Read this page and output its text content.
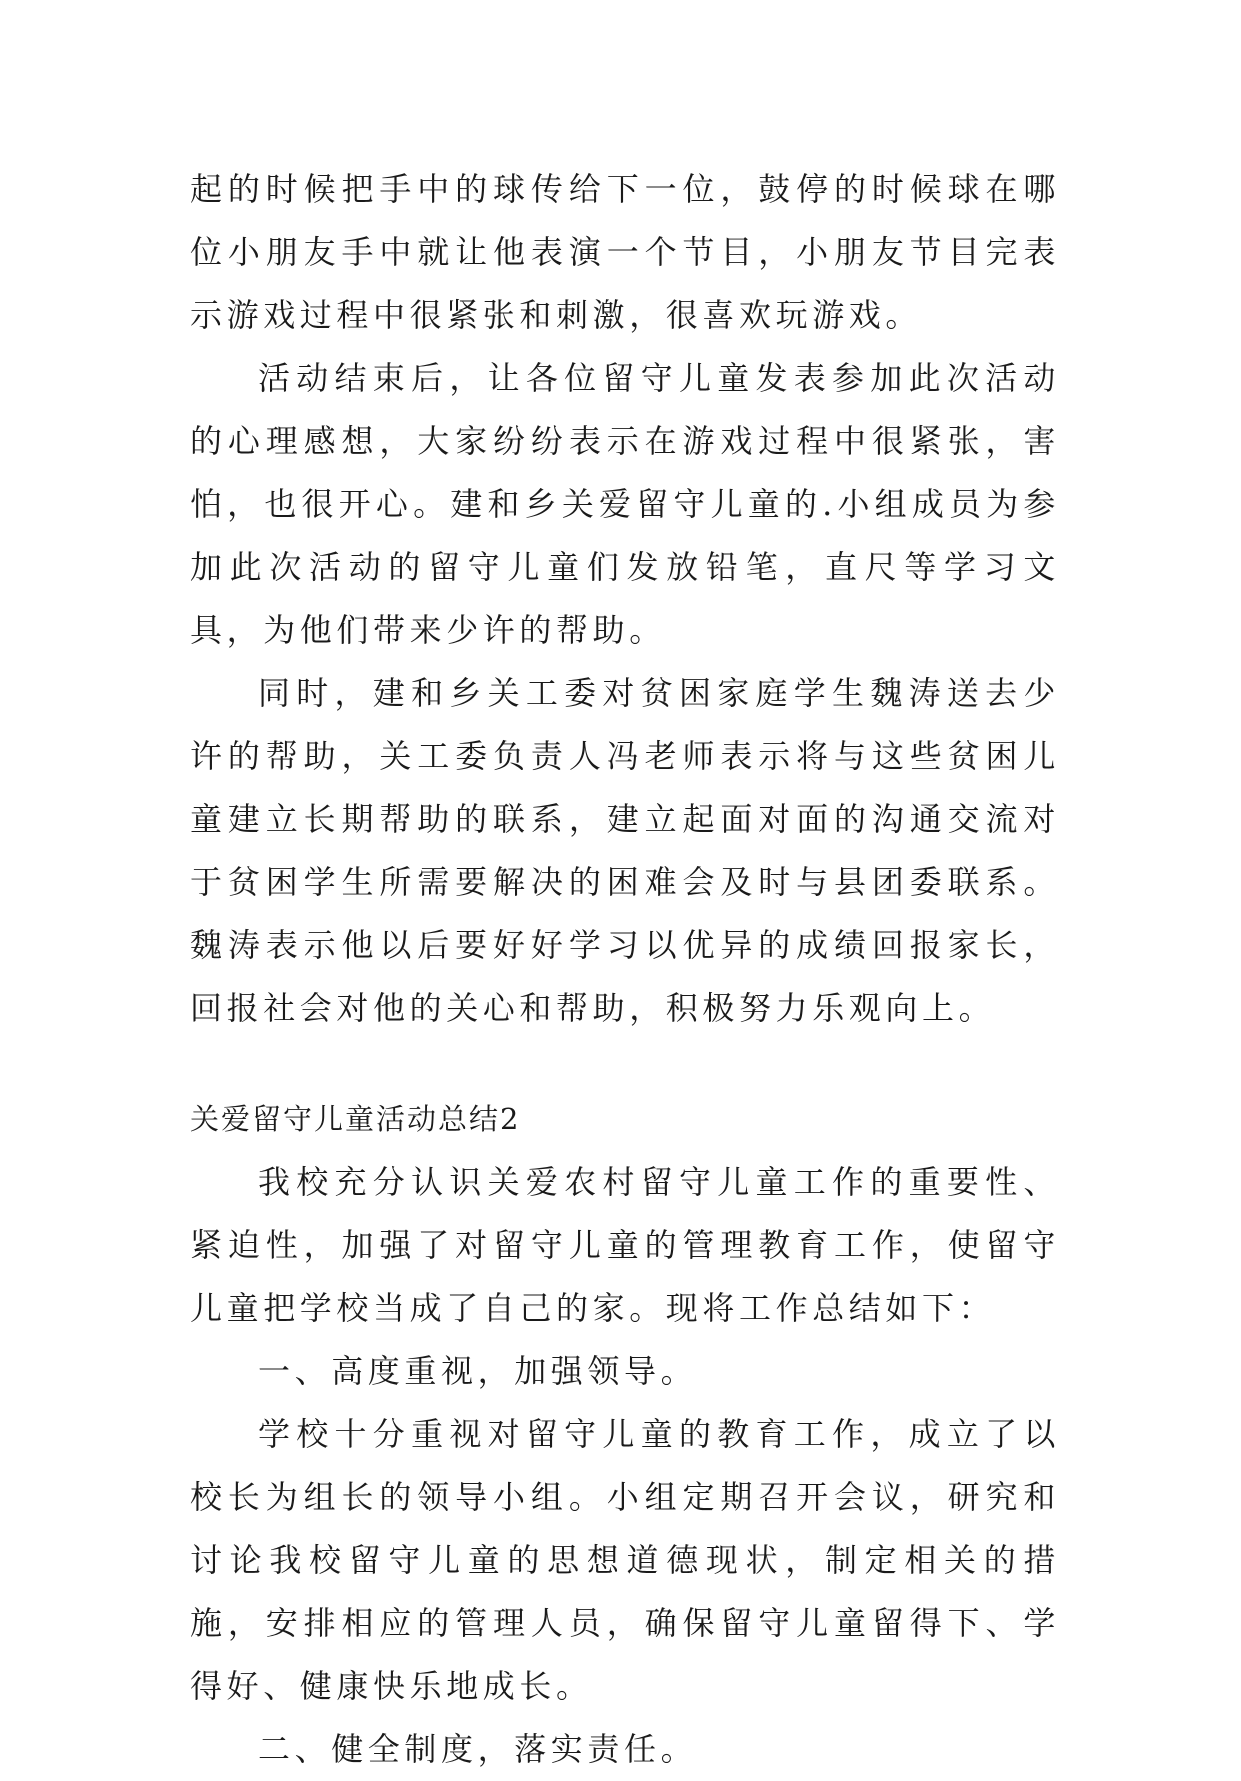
起的时候把手中的球传给下一位，鼓停的时候球在哪位小朋友手中就让他表演一个节目，小朋友节目完表示游戏过程中很紧张和刺激，很喜欢玩游戏。

活动结束后，让各位留守儿童发表参加此次活动的心理感想，大家纷纷表示在游戏过程中很紧张，害怕，也很开心。建和乡关爱留守儿童的.小组成员为参加此次活动的留守儿童们发放铅笔，直尺等学习文具，为他们带来少许的帮助。

同时，建和乡关工委对贫困家庭学生魏涛送去少许的帮助，关工委负责人冯老师表示将与这些贫困儿童建立长期帮助的联系，建立起面对面的沟通交流对于贫困学生所需要解决的困难会及时与县团委联系。魏涛表示他以后要好好学习以优异的成绩回报家长，回报社会对他的关心和帮助，积极努力乐观向上。

关爱留守儿童活动总结2

我校充分认识关爱农村留守儿童工作的重要性、紧迫性，加强了对留守儿童的管理教育工作，使留守儿童把学校当成了自己的家。现将工作总结如下：

一、高度重视，加强领导。

学校十分重视对留守儿童的教育工作，成立了以校长为组长的领导小组。小组定期召开会议，研究和讨论我校留守儿童的思想道德现状，制定相关的措施，安排相应的管理人员，确保留守儿童留得下、学得好、健康快乐地成长。

二、健全制度，落实责任。
